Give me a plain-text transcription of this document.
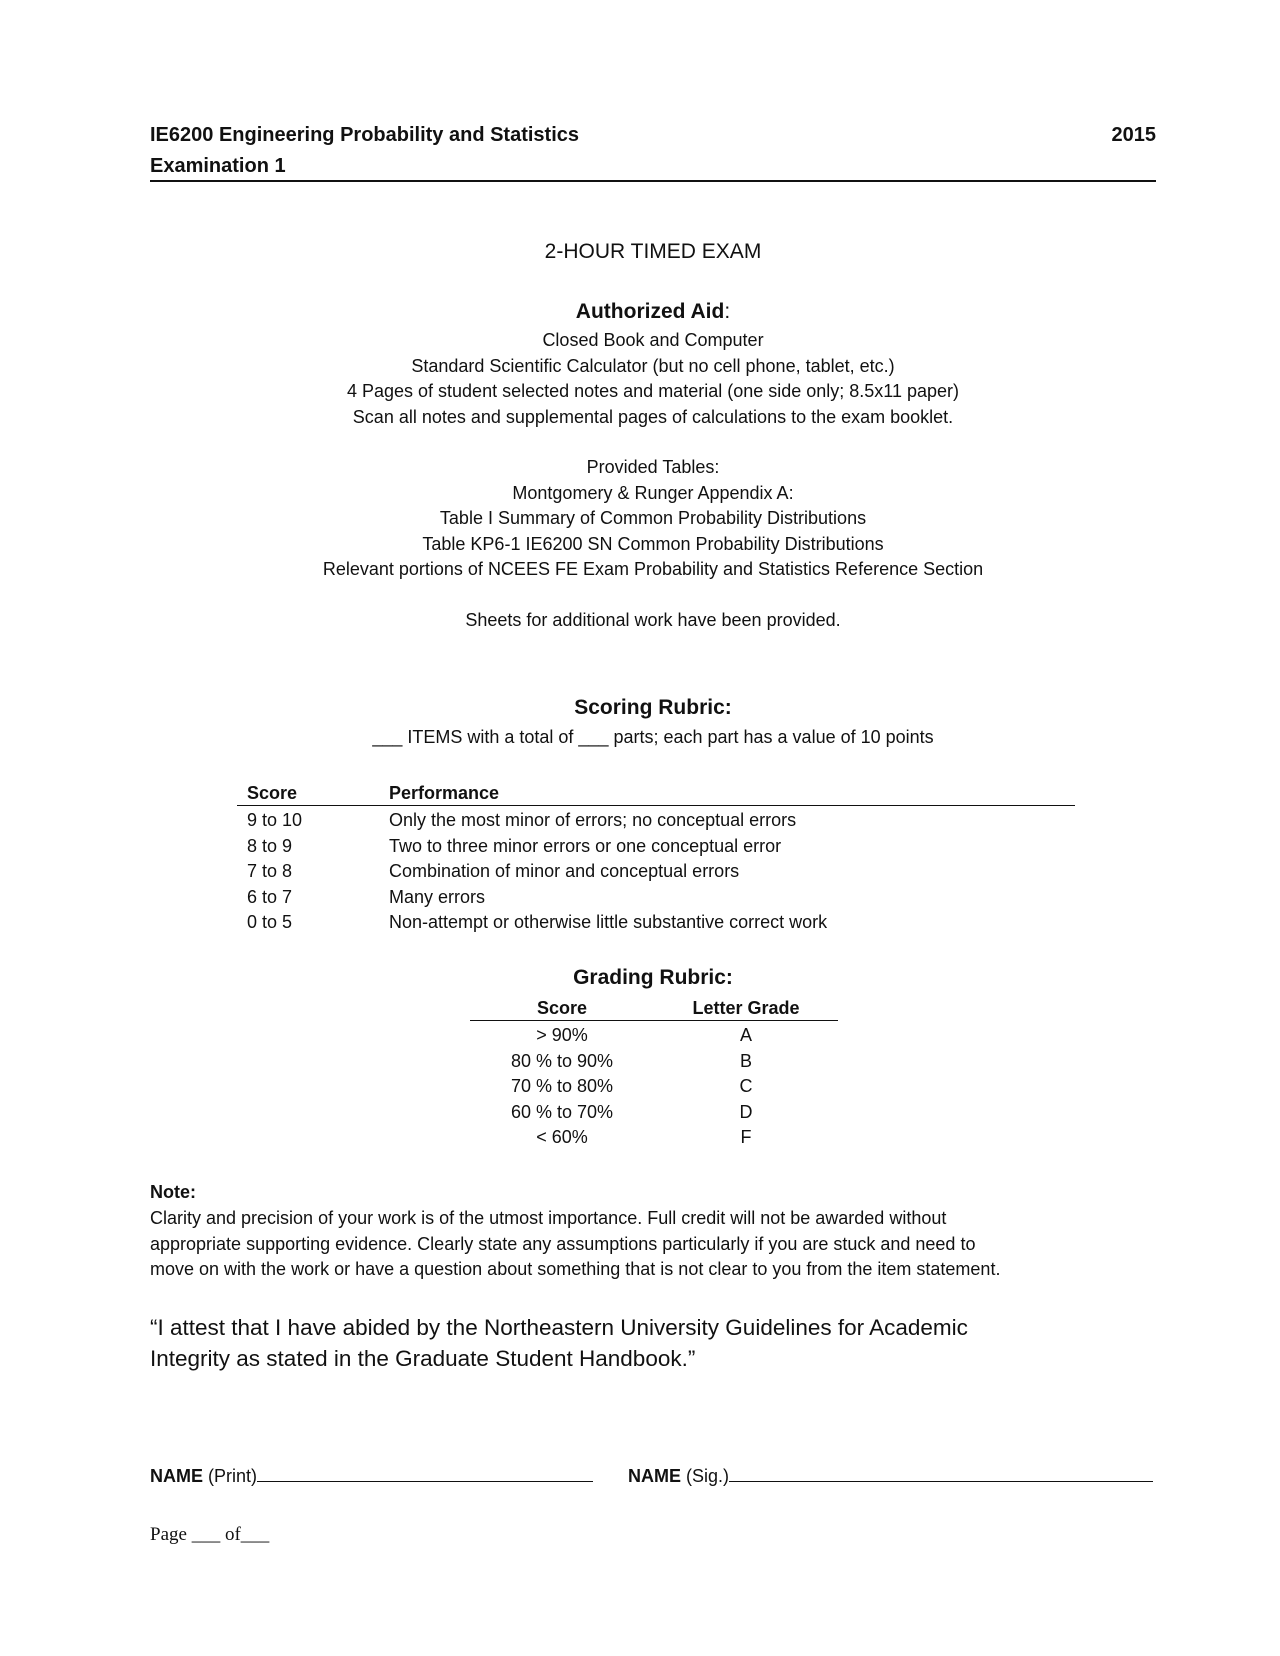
IE6200 Engineering Probability and Statistics	2015
Examination 1
2-HOUR TIMED EXAM
Authorized Aid:
Closed Book and Computer
Standard Scientific Calculator (but no cell phone, tablet, etc.)
4 Pages of student selected notes and material (one side only; 8.5x11 paper)
Scan all notes and supplemental pages of calculations to the exam booklet.
Provided Tables:
Montgomery & Runger Appendix A:
Table I Summary of Common Probability Distributions
Table KP6-1 IE6200 SN Common Probability Distributions
Relevant portions of NCEES FE Exam Probability and Statistics Reference Section
Sheets for additional work have been provided.
Scoring Rubric:
___ ITEMS with a total of ___ parts; each part has a value of 10 points
Score	Performance
9 to 10	Only the most minor of errors; no conceptual errors
8 to 9	Two to three minor errors or one conceptual error
7 to 8	Combination of minor and conceptual errors
6 to 7	Many errors
0 to 5	Non-attempt or otherwise little substantive correct work
Grading Rubric:
Score	Letter Grade
> 90%	A
80 % to 90%	B
70 % to 80%	C
60 % to 70%	D
< 60%	F
Note:
Clarity and precision of your work is of the utmost importance. Full credit will not be awarded without
appropriate supporting evidence. Clearly state any assumptions particularly if you are stuck and need to
move on with the work or have a question about something that is not clear to you from the item statement.
“I attest that I have abided by the Northeastern University Guidelines for Academic
Integrity as stated in the Graduate Student Handbook.”
NAME (Print)	NAME (Sig.)
Page ___ of___
